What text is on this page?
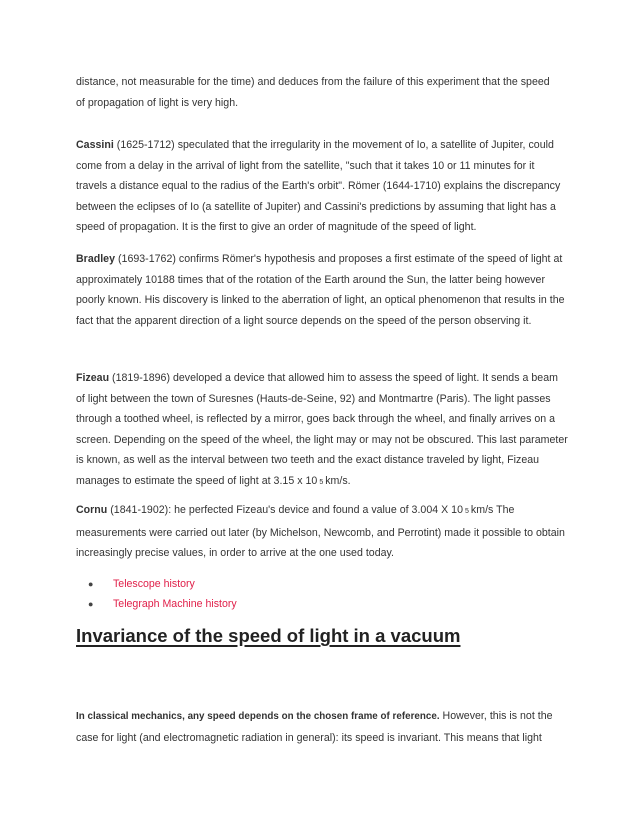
distance, not measurable for the time) and deduces from the failure of this experiment that the speed
of propagation of light is very high.

Cassini (1625-1712) speculated that the irregularity in the movement of Io, a satellite of Jupiter, could come from a delay in the arrival of light from the satellite, "such that it takes 10 or 11 minutes for it travels a distance equal to the radius of the Earth's orbit". Römer (1644-1710) explains the discrepancy between the eclipses of Io (a satellite of Jupiter) and Cassini's predictions by assuming that light has a speed of propagation. It is the first to give an order of magnitude of the speed of light.

Bradley (1693-1762) confirms Römer's hypothesis and proposes a first estimate of the speed of light at approximately 10188 times that of the rotation of the Earth around the Sun, the latter being however poorly known. His discovery is linked to the aberration of light, an optical phenomenon that results in the fact that the apparent direction of a light source depends on the speed of the person observing it.

Fizeau (1819-1896) developed a device that allowed him to assess the speed of light. It sends a beam of light between the town of Suresnes (Hauts-de-Seine, 92) and Montmartre (Paris). The light passes through a toothed wheel, is reflected by a mirror, goes back through the wheel, and finally arrives on a screen. Depending on the speed of the wheel, the light may or may not be obscured. This last parameter is known, as well as the interval between two teeth and the exact distance traveled by light, Fizeau manages to estimate the speed of light at 3.15 x 10 5 km/s.

Cornu (1841-1902): he perfected Fizeau's device and found a value of 3.004 X 10 5 km/s The measurements were carried out later (by Michelson, Newcomb, and Perrotint) made it possible to obtain increasingly precise values, in order to arrive at the one used today.

● Telescope history
● Telegraph Machine history
Invariance of the speed of light in a vacuum

In classical mechanics, any speed depends on the chosen frame of reference. However, this is not the case for light (and electromagnetic radiation in general): its speed is invariant. This means that light
